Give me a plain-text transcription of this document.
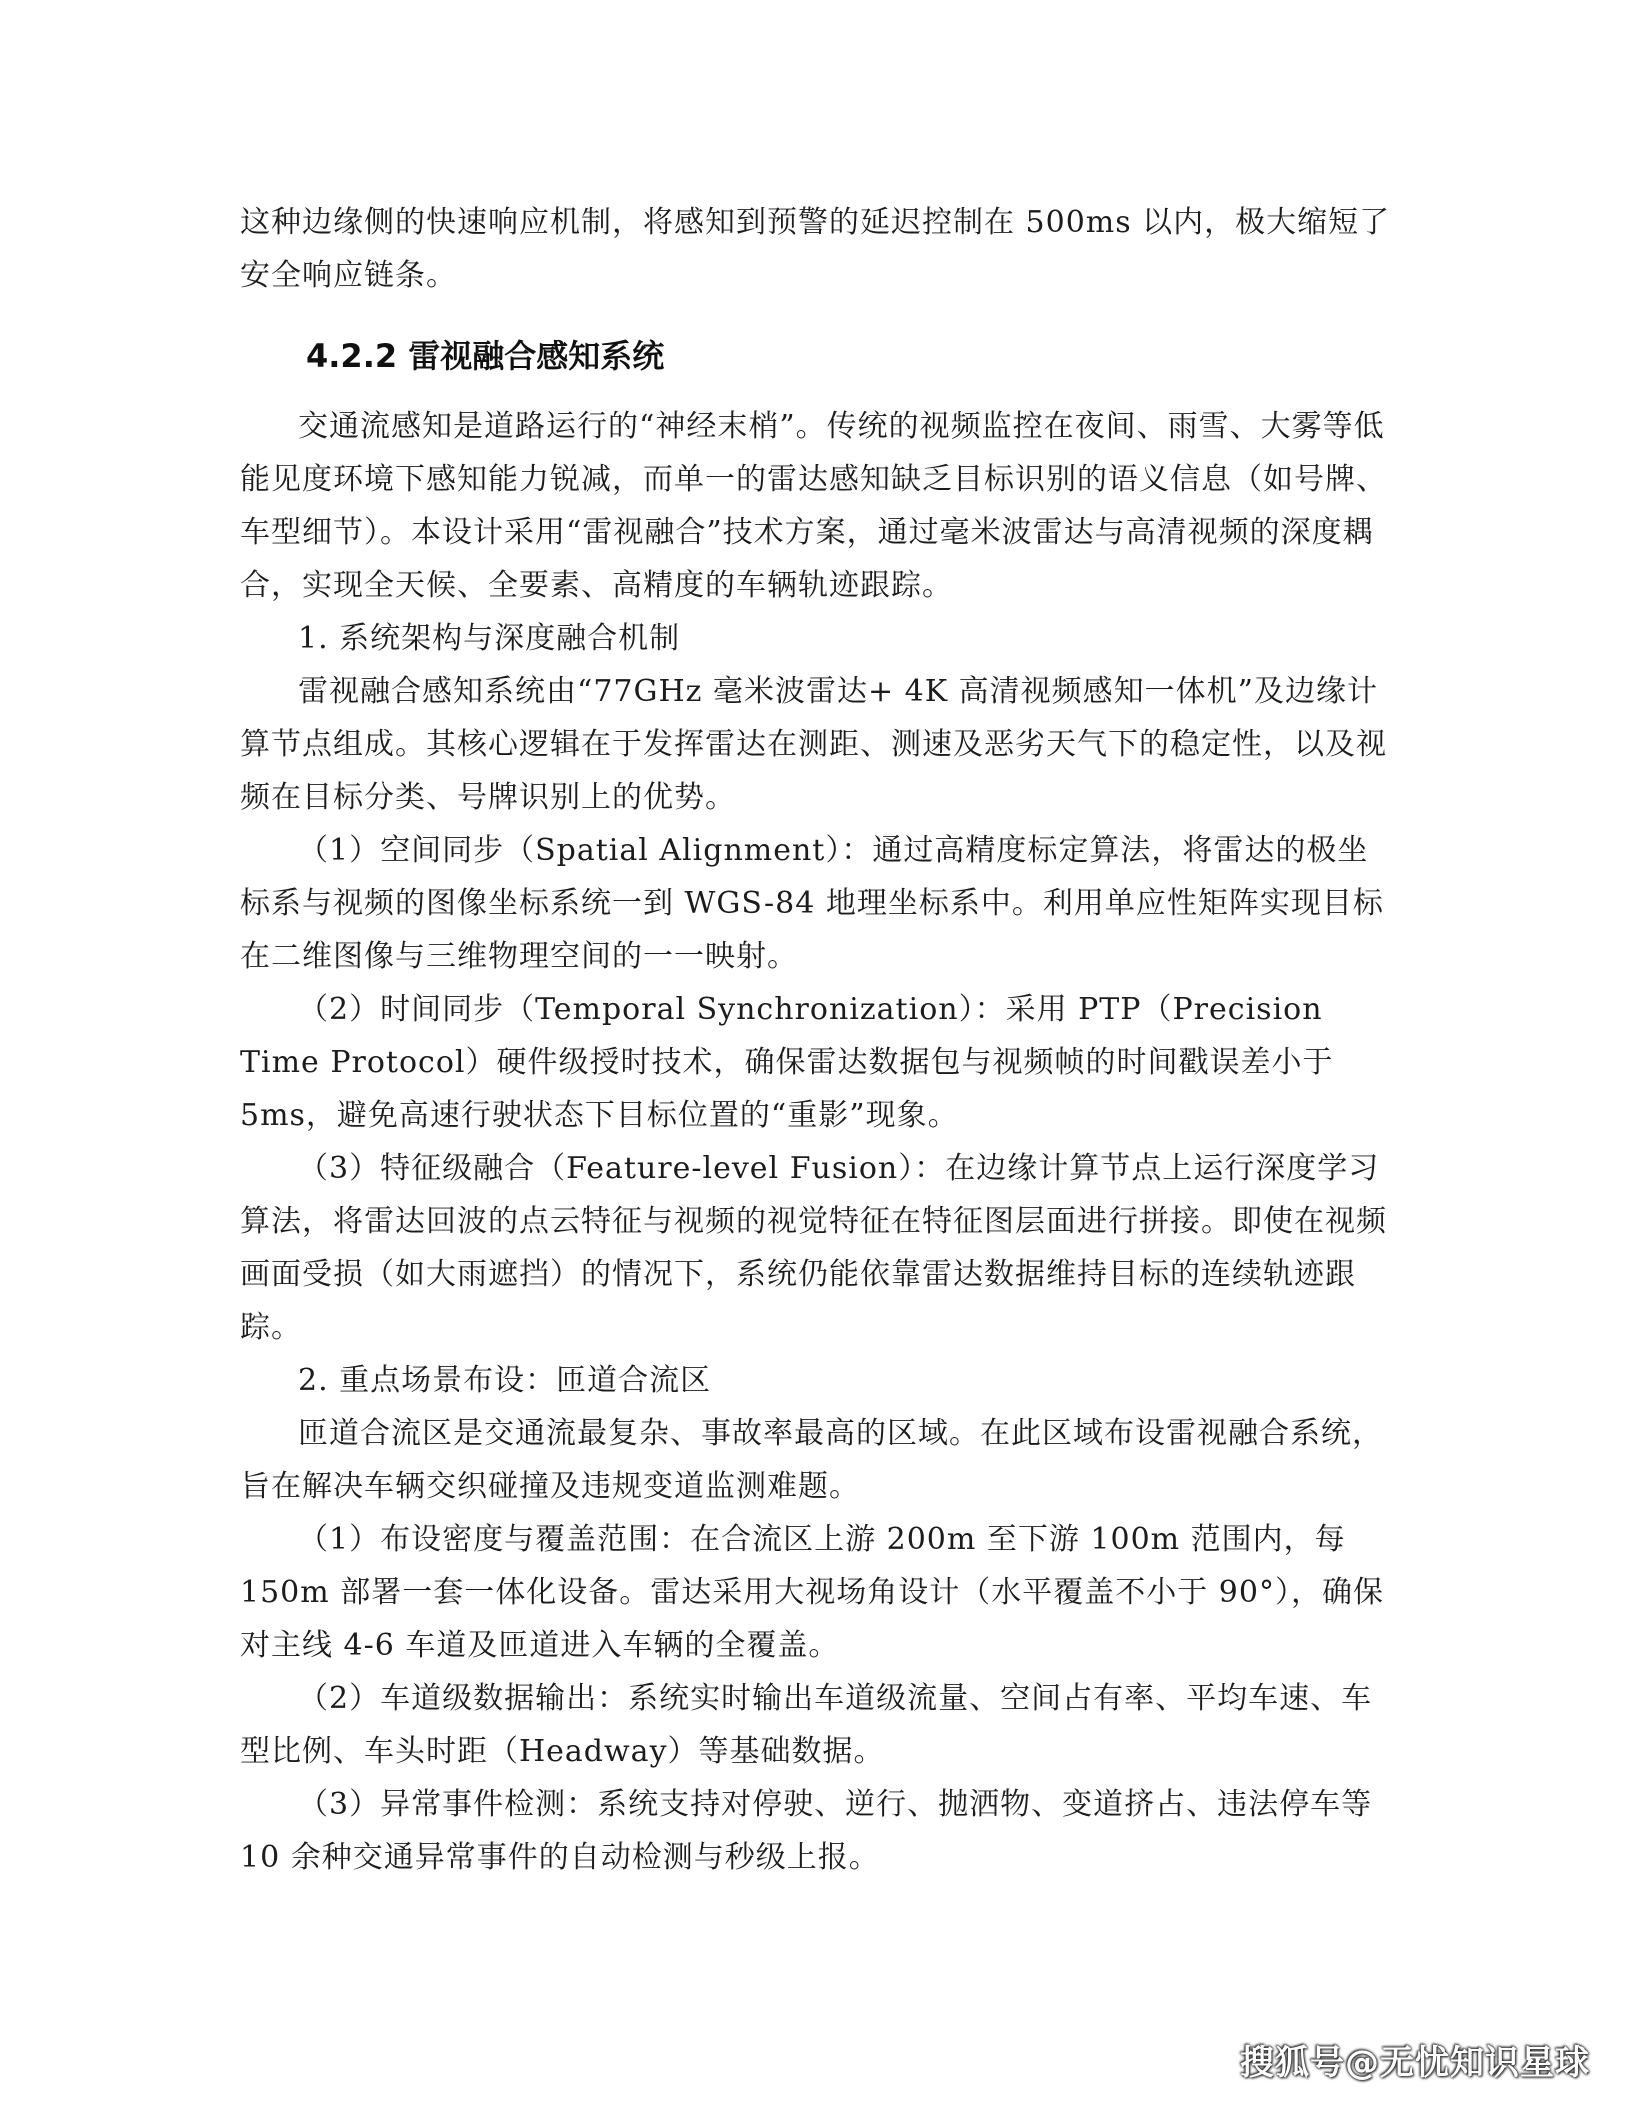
这种边缘侧的快速响应机制，将感知到预警的延迟控制在 500ms 以内，极大缩短了安全响应链条。

4.2.2 雷视融合感知系统

交通流感知是道路运行的“神经末梢”。传统的视频监控在夜间、雨雪、大雾等低能见度环境下感知能力锐减，而单一的雷达感知缺乏目标识别的语义信息（如号牌、车型细节）。本设计采用“雷视融合”技术方案，通过毫米波雷达与高清视频的深度耦合，实现全天候、全要素、高精度的车辆轨迹跟踪。

1. 系统架构与深度融合机制

雷视融合感知系统由“77GHz 毫米波雷达+ 4K 高清视频感知一体机”及边缘计算节点组成。其核心逻辑在于发挥雷达在测距、测速及恶劣天气下的稳定性，以及视频在目标分类、号牌识别上的优势。

（1）空间同步（Spatial Alignment）：通过高精度标定算法，将雷达的极坐标系与视频的图像坐标系统一到 WGS-84 地理坐标系中。利用单应性矩阵实现目标在二维图像与三维物理空间的一一映射。

（2）时间同步（Temporal Synchronization）：采用 PTP（Precision Time Protocol）硬件级授时技术，确保雷达数据包与视频帧的时间戳误差小于 5ms，避免高速行驶状态下目标位置的“重影”现象。

（3）特征级融合（Feature-level Fusion）：在边缘计算节点上运行深度学习算法，将雷达回波的点云特征与视频的视觉特征在特征图层面进行拼接。即使在视频画面受损（如大雨遮挡）的情况下，系统仍能依靠雷达数据维持目标的连续轨迹跟踪。

2. 重点场景布设：匝道合流区

匝道合流区是交通流最复杂、事故率最高的区域。在此区域布设雷视融合系统，旨在解决车辆交织碰撞及违规变道监测难题。

（1）布设密度与覆盖范围：在合流区上游 200m 至下游 100m 范围内，每 150m 部署一套一体化设备。雷达采用大视场角设计（水平覆盖不小于 90°），确保对主线 4-6 车道及匝道进入车辆的全覆盖。

（2）车道级数据输出：系统实时输出车道级流量、空间占有率、平均车速、车型比例、车头时距（Headway）等基础数据。

（3）异常事件检测：系统支持对停驶、逆行、抛洒物、变道挤占、违法停车等 10 余种交通异常事件的自动检测与秒级上报。

搜狐号@无忧知识星球
